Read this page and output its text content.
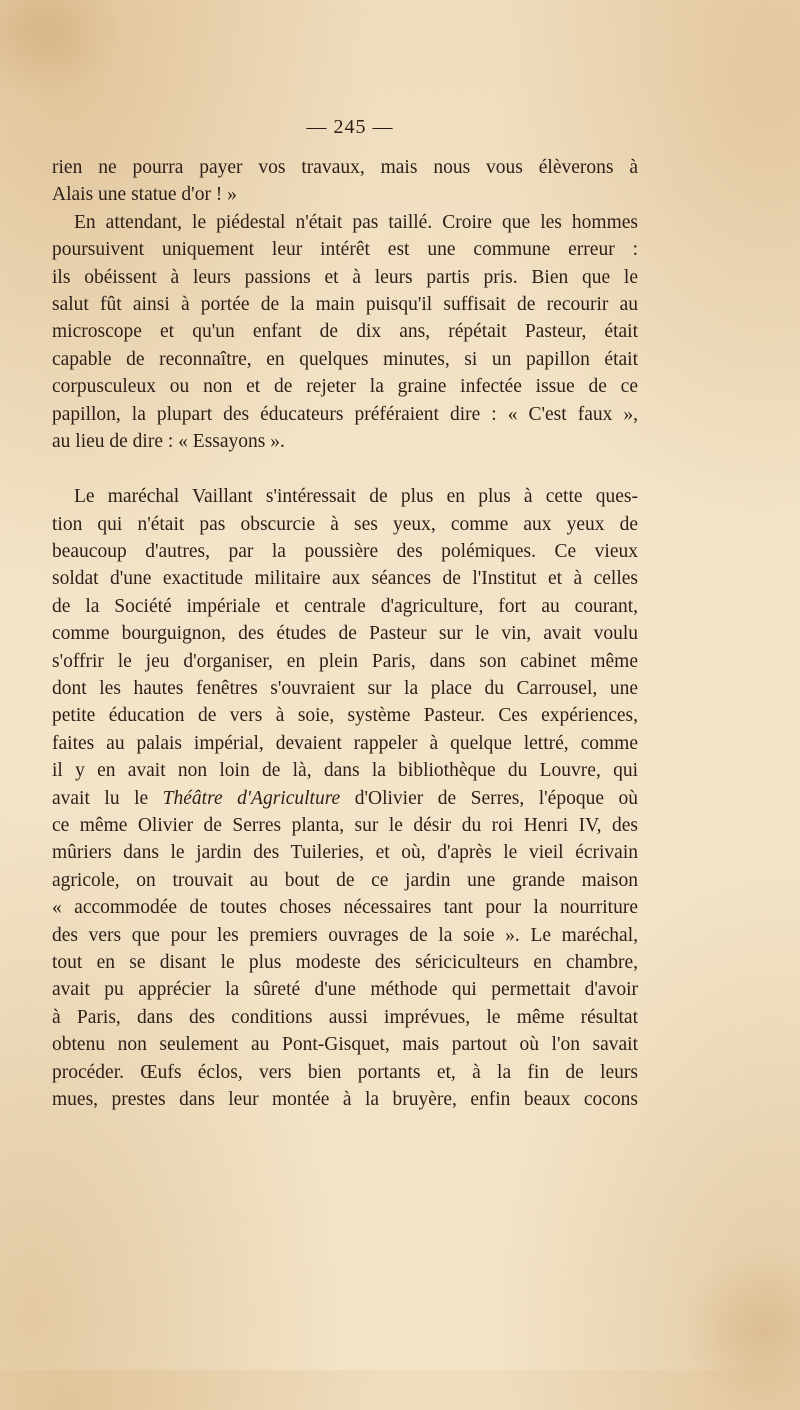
— 245 —
rien ne pourra payer vos travaux, mais nous vous élèverons à
Alais une statue d'or ! »
En attendant, le piédestal n'était pas taillé. Croire que les hommes
poursuivent uniquement leur intérêt est une commune erreur :
ils obéissent à leurs passions et à leurs partis pris. Bien que le
salut fût ainsi à portée de la main puisqu'il suffisait de recourir au
microscope et qu'un enfant de dix ans, répétait Pasteur, était
capable de reconnaître, en quelques minutes, si un papillon était
corpusculeux ou non et de rejeter la graine infectée issue de ce
papillon, la plupart des éducateurs préféraient dire : « C'est faux »,
au lieu de dire : « Essayons ».
Le maréchal Vaillant s'intéressait de plus en plus à cette ques-
tion qui n'était pas obscurcie à ses yeux, comme aux yeux de
beaucoup d'autres, par la poussière des polémiques. Ce vieux
soldat d'une exactitude militaire aux séances de l'Institut et à celles
de la Société impériale et centrale d'agriculture, fort au courant,
comme bourguignon, des études de Pasteur sur le vin, avait voulu
s'offrir le jeu d'organiser, en plein Paris, dans son cabinet même
dont les hautes fenêtres s'ouvraient sur la place du Carrousel, une
petite éducation de vers à soie, système Pasteur. Ces expériences,
faites au palais impérial, devaient rappeler à quelque lettré, comme
il y en avait non loin de là, dans la bibliothèque du Louvre, qui
avait lu le Théâtre d'Agriculture d'Olivier de Serres, l'époque où
ce même Olivier de Serres planta, sur le désir du roi Henri IV, des
mûriers dans le jardin des Tuileries, et où, d'après le vieil écrivain
agricole, on trouvait au bout de ce jardin une grande maison
« accommodée de toutes choses nécessaires tant pour la nourriture
des vers que pour les premiers ouvrages de la soie ». Le maréchal,
tout en se disant le plus modeste des sériciculteurs en chambre,
avait pu apprécier la sûreté d'une méthode qui permettait d'avoir
à Paris, dans des conditions aussi imprévues, le même résultat
obtenu non seulement au Pont-Gisquet, mais partout où l'on savait
procéder. Œufs éclos, vers bien portants et, à la fin de leurs
mues, prestes dans leur montée à la bruyère, enfin beaux cocons
